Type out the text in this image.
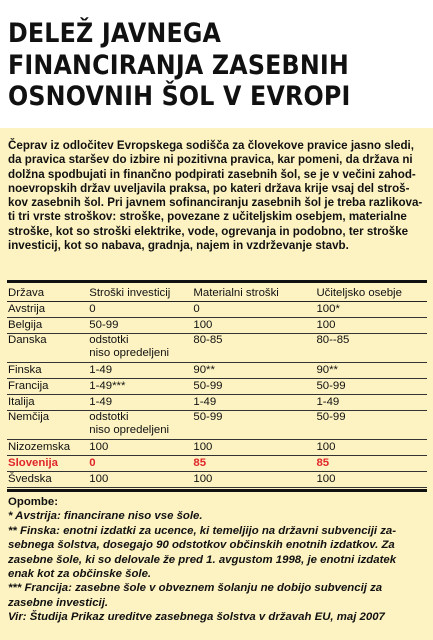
DELEŽ JAVNEGA
FINANCIRANJA ZASEBNIH
OSNOVNIH ŠOL V EVROPI

Čeprav iz odločitev Evropskega sodišča za človekove pravice jasno sledi,
da pravica staršev do izbire ni pozitivna pravica, kar pomeni, da država ni
dolžna spodbujati in finančno podpirati zasebnih šol, se je v večini zahod-
noevropskih držav uveljavila praksa, po kateri država krije vsaj del stroš-
kov zasebnih šol. Pri javnem sofinanciranju zasebnih šol je treba razlikova-
ti tri vrste stroškov: stroške, povezane z učiteljskim osebjem, materialne
stroške, kot so stroški elektrike, vode, ogrevanja in podobno, ter stroške
investicij, kot so nabava, gradnja, najem in vzdrževanje stavb.

Država	Stroški investicij	Materialni stroški	Učiteljsko osebje
Avstrija	0	0	100*
Belgija	50-99	100	100
Danska	odstotki
niso opredeljeni	80-85	80--85
Finska	1-49	90**	90**
Francija	1-49***	50-99	50-99
Italija	1-49	1-49	1-49
Nemčija	odstotki
niso opredeljeni	50-99	50-99
Nizozemska	100	100	100
Slovenija	0	85	85
Švedska	100	100	100
Opombe:
* Avstrija: financirane niso vse šole.
** Finska: enotni izdatki za ucence, ki temeljijo na državni subvenciji za-
sebnega šolstva, dosegajo 90 odstotkov občinskih enotnih izdatkov. Za
zasebne šole, ki so delovale že pred 1. avgustom 1998, je enotni izdatek
enak kot za občinske šole.
*** Francija: zasebne šole v obveznem šolanju ne dobijo subvencij za
zasebne investicij.
Vir: Študija Prikaz ureditve zasebnega šolstva v državah EU, maj 2007
